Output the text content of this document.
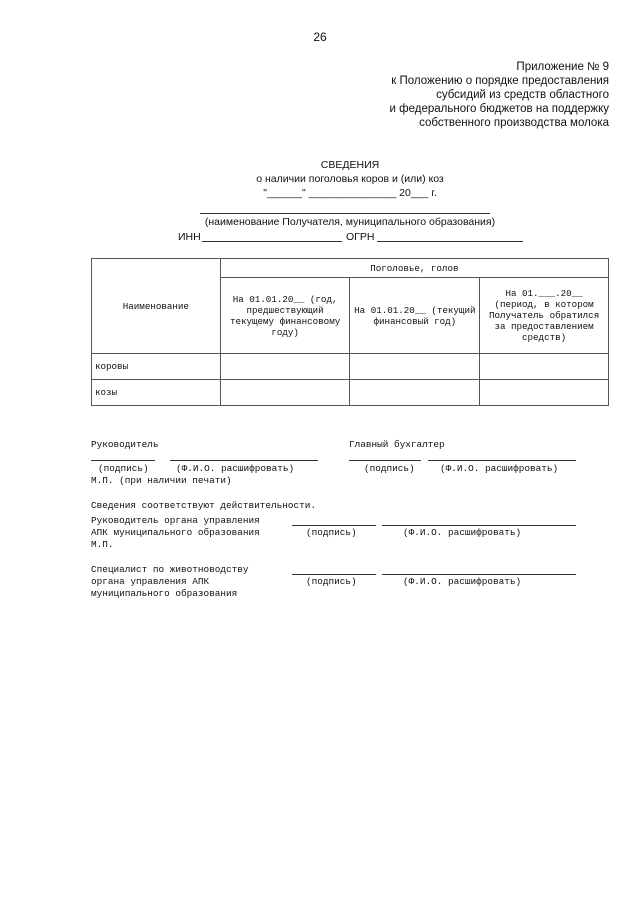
26
Приложение № 9
к Положению о порядке предоставления
субсидий из средств областного
и федерального бюджетов на поддержку
собственного производства молока
СВЕДЕНИЯ
о наличии поголовья коров и (или) коз
"______" _______________ 20___ г.
(наименование Получателя, муниципального образования)
ИНН	ОГРН
Наименование	Поголовье, голов		
	На 01.01.20__ (год, предшествующий текущему финансовому году)	На 01.01.20__ (текущий финансовый год)	На 01.___.20__ (период, в котором Получатель обратился за предоставлением средств)
коровы			
козы			
Руководитель	Главный бухгалтер
(подпись)	(Ф.И.О. расшифровать)	(подпись)	(Ф.И.О. расшифровать)
М.П. (при наличии печати)
Сведения соответствуют действительности.
Руководитель органа управления
АПК муниципального образования	(подпись)	(Ф.И.О. расшифровать)
М.П.
Специалист по животноводству
органа управления АПК	(подпись)	(Ф.И.О. расшифровать)
муниципального образования
